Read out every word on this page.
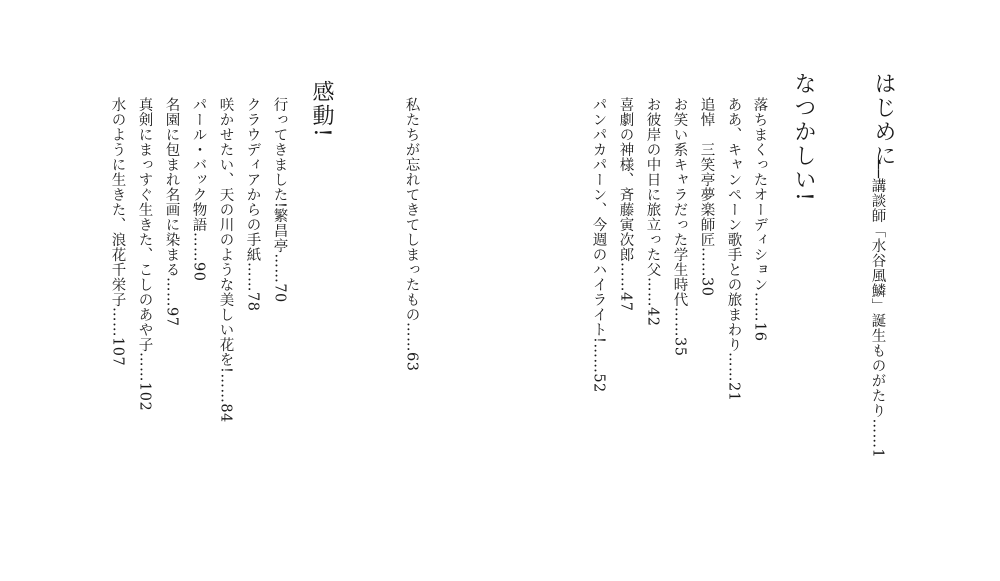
はじめに
──講談師「水谷風鱗」誕生ものがたり……1
なつかしい!
落ちまくったオーディション……16
ああ、キャンペーン歌手との旅まわり……21
追悼　三笑亭夢楽師匠……30
お笑い系キャラだった学生時代……35
お彼岸の中日に旅立った父……42
喜劇の神様、斉藤寅次郎……47
パンパカパーン、今週のハイライト!……52
私たちが忘れてきてしまったもの……63
感動!
行ってきました!繁昌亭……70
クラウディアからの手紙……78
咲かせたい、天の川のような美しい花を!……84
パール・バック物語……90
名園に包まれ名画に染まる……97
真剣にまっすぐ生きた、こしのあや子……102
水のように生きた、浪花千栄子……107
